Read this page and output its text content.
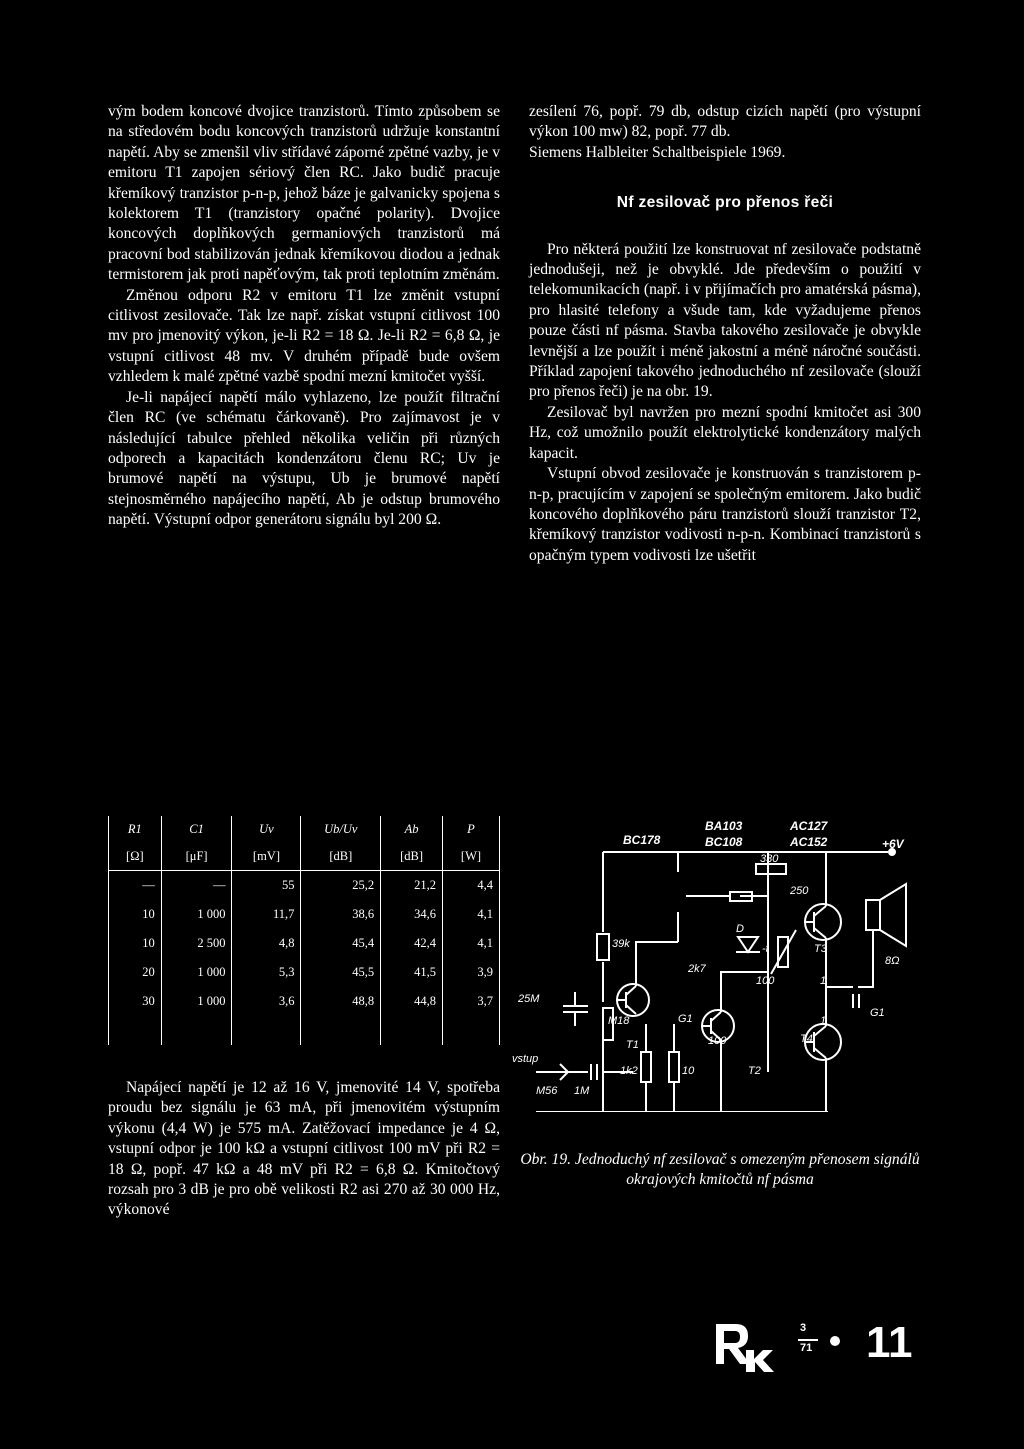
vým bodem koncové dvojice tranzistorů. Tímto způsobem se na středovém bodu koncových tranzistorů udržuje konstantní napětí. Aby se zmenšil vliv střídavé záporné zpětné vazby, je v emitoru T1 zapojen sériový člen RC. Jako budič pracuje křemíkový tranzistor p-n-p, jehož báze je galvanicky spojena s kolektorem T1 (tranzistory opačné polarity). Dvojice koncových doplňkových germaniových tranzistorů má pracovní bod stabilizován jednak křemíkovou diodou a jednak termistorem jak proti napěťovým, tak proti teplotním změnám.

Změnou odporu R2 v emitoru T1 lze změnit vstupní citlivost zesilovače. Tak lze např. získat vstupní citlivost 100 mv pro jmenovitý výkon, je-li R2 = 18 Ω. Je-li R2 = 6,8 Ω, je vstupní citlivost 48 mv. V druhém případě bude ovšem vzhledem k malé zpětné vazbě spodní mezní kmitočet vyšší.

Je-li napájecí napětí málo vyhlazeno, lze použít filtrační člen RC (ve schématu čárkovaně). Pro zajímavost je v následující tabulce přehled několika veličin při různých odporech a kapacitách kondenzátoru členu RC; Uv je brumové napětí na výstupu, Ub je brumové napětí stejnosměrného napájecího napětí, Ab je odstup brumového napětí. Výstupní odpor generátoru signálu byl 200 Ω.

R1	C1	Uv	Ub/Uv	Ab	P
[Ω]	[μF]	[mV]	[dB]	[dB]	[W]
—	—	55	25,2	21,2	4,4
10	1 000	11,7	38,6	34,6	4,1
10	2 500	4,8	45,4	42,4	4,1
20	1 000	5,3	45,5	41,5	3,9
30	1 000	3,6	48,8	44,8	3,7

Napájecí napětí je 12 až 16 V, jmenovité 14 V, spotřeba proudu bez signálu je 63 mA, při jmenovitém výstupním výkonu (4,4 W) je 575 mA. Zatěžovací impedance je 4 Ω, vstupní odpor je 100 kΩ a vstupní citlivost 100 mV při R2 = 18 Ω, popř. 47 kΩ a 48 mV při R2 = 6,8 Ω. Kmitočtový rozsah pro 3 dB je pro obě velikosti R2 asi 270 až 30 000 Hz, výkonové

zesílení 76, popř. 79 db, odstup cizích napětí (pro výstupní výkon 100 mw) 82, popř. 77 db.

Siemens Halbleiter Schaltbeispiele 1969.

Nf zesilovač pro přenos řeči

Pro některá použití lze konstruovat nf zesilovače podstatně jednodušeji, než je obvyklé. Jde především o použití v telekomunikacích (např. i v přijímačích pro amatérská pásma), pro hlasité telefony a všude tam, kde vyžadujeme přenos pouze části nf pásma. Stavba takového zesilovače je obvykle levnější a lze použít i méně jakostní a méně náročné součásti. Příklad zapojení takového jednoduchého nf zesilovače (slouží pro přenos řeči) je na obr. 19.

Zesilovač byl navržen pro mezní spodní kmitočet asi 300 Hz, což umožnilo použít elektrolytické kondenzátory malých kapacit.

Vstupní obvod zesilovače je konstruován s tranzistorem p-n-p, pracujícím v zapojení se společným emitorem. Jako budič koncového doplňkového páru tranzistorů slouží tranzistor T2, křemíkový tranzistor vodivosti n-p-n. Kombinací tranzistorů s opačným typem vodivosti lze ušetřit

BC178
BA103
BC108
AC127
AC152	+6V
330
250
39k
D
-t	T3
8Ω
2k7
100
25M
M18	G1
100
T1	T4
G1
vstup
M56 1M
T2
1k2	10
1
1
Obr. 19. Jednoduchý nf zesilovač s omezeným přenosem signálů okrajových kmitočtů nf pásma
3
71 11
